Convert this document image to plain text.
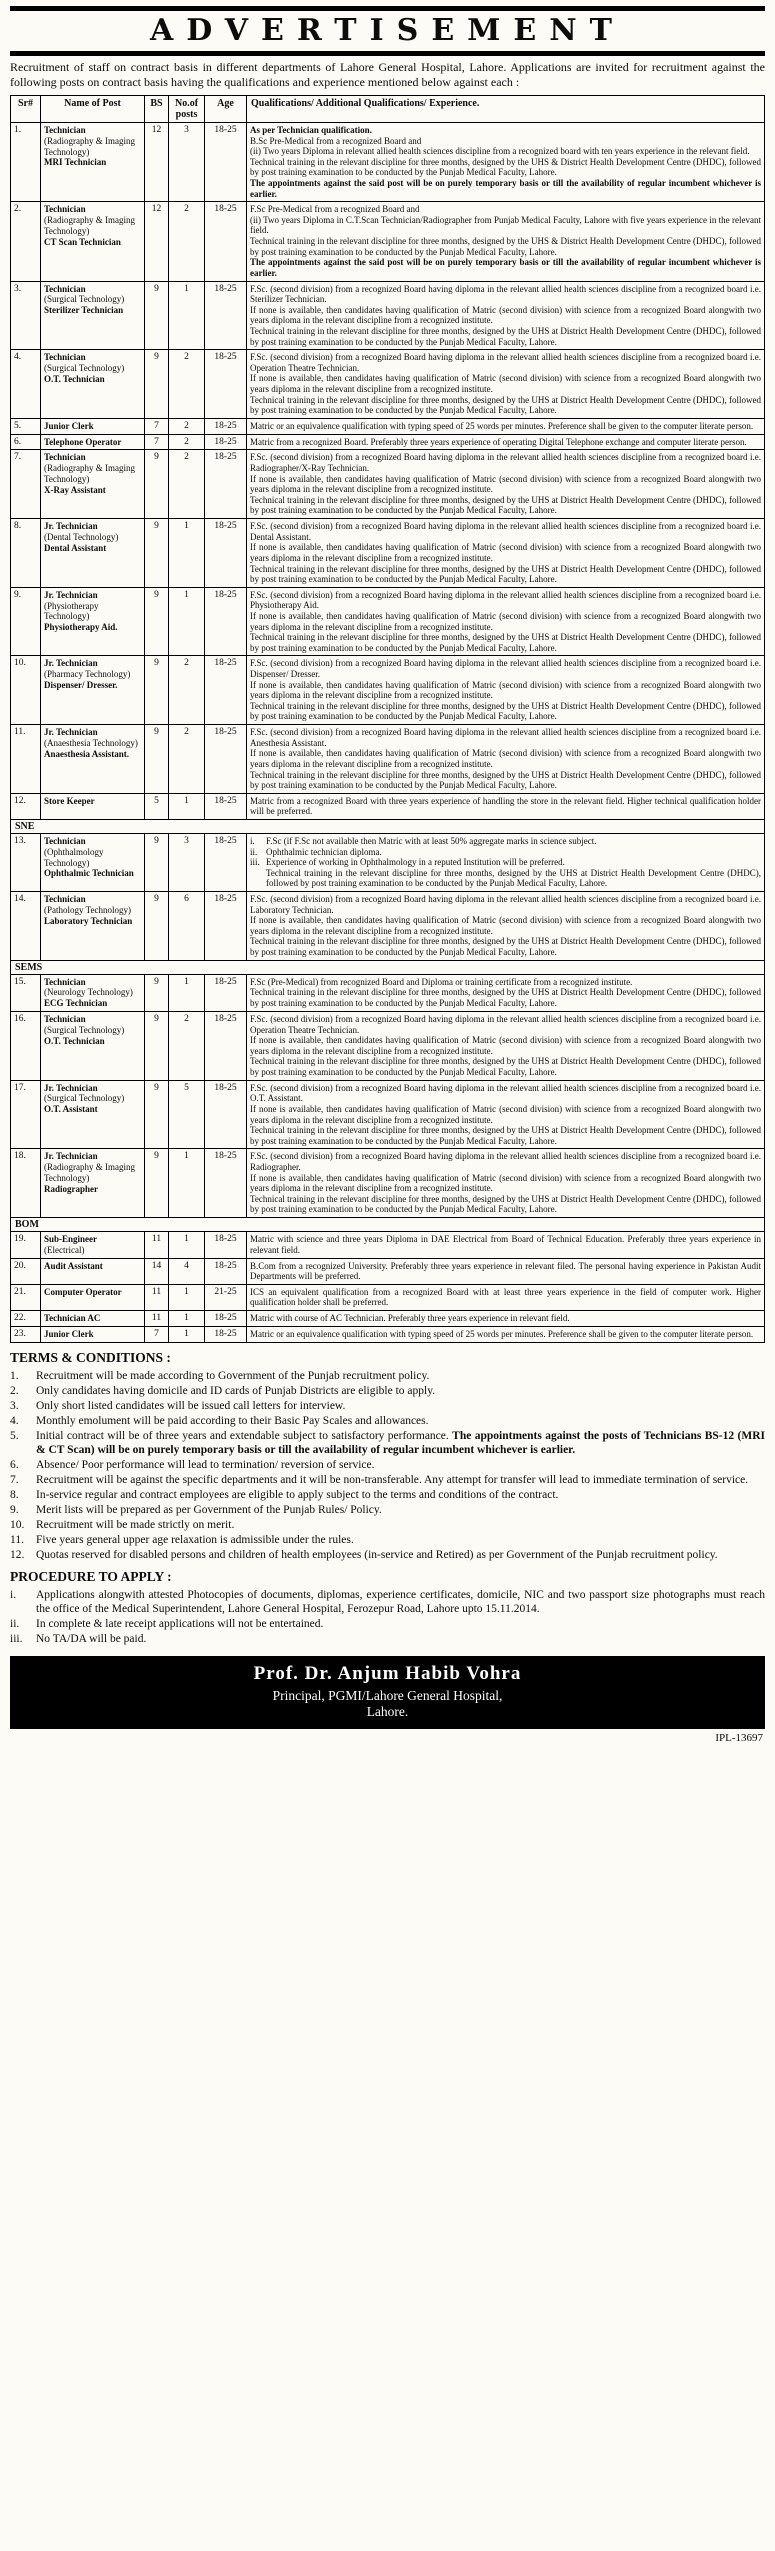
ADVERTISEMENT

Recruitment of staff on contract basis in different departments of Lahore General Hospital, Lahore. Applications are invited for recruitment against the following posts on contract basis having the qualifications and experience mentioned below against each :

Sr#	Name of Post	BS	No.of posts	Age	Qualifications/ Additional Qualifications/ Experience.
1.	Technician
(Radiography & Imaging Technology)
MRI Technician
	12	3	18-25	As per Technician qualification.
B.Sc Pre-Medical from a recognized Board and
(ii) Two years Diploma in relevant allied health sciences discipline from a recognized board with ten years experience in the relevant field.
Technical training in the relevant discipline for three months, designed by the UHS & District Health Development Centre (DHDC), followed by post training examination to be conducted by the Punjab Medical Faculty, Lahore.
The appointments against the said post will be on purely temporary basis or till the availability of regular incumbent whichever is earlier.

2.	Technician
(Radiography & Imaging Technology)
CT Scan Technician
	12	2	18-25	F.Sc Pre-Medical from a recognized Board and
(ii) Two years Diploma in C.T.Scan Technician/Radiographer from Punjab Medical Faculty, Lahore with five years experience in the relevant field.
Technical training in the relevant discipline for three months, designed by the UHS & District Health Development Centre (DHDC), followed by post training examination to be conducted by the Punjab Medical Faculty, Lahore.
The appointments against the said post will be on purely temporary basis or till the availability of regular incumbent whichever is earlier.

3.	Technician
(Surgical Technology)
Sterilizer Technician
	9	1	18-25	F.Sc. (second division) from a recognized Board having diploma in the relevant allied health sciences discipline from a recognized board i.e. Sterilizer Technician.
If none is available, then candidates having qualification of Matric (second division) with science from a recognized Board alongwith two years diploma in the relevant discipline from a recognized institute.
Technical training in the relevant discipline for three months, designed by the UHS at District Health Development Centre (DHDC), followed by post training examination to be conducted by the Punjab Medical Faculty, Lahore.

4.	Technician
(Surgical Technology)
O.T. Technician
	9	2	18-25	F.Sc. (second division) from a recognized Board having diploma in the relevant allied health sciences discipline from a recognized board i.e. Operation Theatre Technician.
If none is available, then candidates having qualification of Matric (second division) with science from a recognized Board alongwith two years diploma in the relevant discipline from a recognized institute.
Technical training in the relevant discipline for three months, designed by the UHS at District Health Development Centre (DHDC), followed by post training examination to be conducted by the Punjab Medical Faculty, Lahore.

5.	Junior Clerk	7	2	18-25	Matric or an equivalence qualification with typing speed of 25 words per minutes. Preference shall be given to the computer literate person.

6.	Telephone Operator	7	2	18-25	Matric from a recognized Board. Preferably three years experience of operating Digital Telephone exchange and computer literate person.

7.	Technician
(Radiography & Imaging Technology)
X-Ray Assistant
	9	2	18-25	F.Sc. (second division) from a recognized Board having diploma in the relevant allied health sciences discipline from a recognized board i.e. Radiographer/X-Ray Technician.
If none is available, then candidates having qualification of Matric (second division) with science from a recognized Board alongwith two years diploma in the relevant discipline from a recognized institute.
Technical training in the relevant discipline for three months, designed by the UHS at District Health Development Centre (DHDC), followed by post training examination to be conducted by the Punjab Medical Faculty, Lahore.

8.	Jr. Technician
(Dental Technology)
Dental Assistant
	9	1	18-25	F.Sc. (second division) from a recognized Board having diploma in the relevant allied health sciences discipline from a recognized board i.e. Dental Assistant.
If none is available, then candidates having qualification of Matric (second division) with science from a recognized Board alongwith two years diploma in the relevant discipline from a recognized institute.
Technical training in the relevant discipline for three months, designed by the UHS at District Health Development Centre (DHDC), followed by post training examination to be conducted by the Punjab Medical Faculty, Lahore.

9.	Jr. Technician
(Physiotherapy Technology)
Physiotherapy Aid.
	9	1	18-25	F.Sc. (second division) from a recognized Board having diploma in the relevant allied health sciences discipline from a recognized board i.e. Physiotherapy Aid.
If none is available, then candidates having qualification of Matric (second division) with science from a recognized Board alongwith two years diploma in the relevant discipline from a recognized institute.
Technical training in the relevant discipline for three months, designed by the UHS at District Health Development Centre (DHDC), followed by post training examination to be conducted by the Punjab Medical Faculty, Lahore.

10.	Jr. Technician
(Pharmacy Technology)
Dispenser/ Dresser.
	9	2	18-25	F.Sc. (second division) from a recognized Board having diploma in the relevant allied health sciences discipline from a recognized board i.e. Dispenser/ Dresser.
If none is available, then candidates having qualification of Matric (second division) with science from a recognized Board alongwith two years diploma in the relevant discipline from a recognized institute.
Technical training in the relevant discipline for three months, designed by the UHS at District Health Development Centre (DHDC), followed by post training examination to be conducted by the Punjab Medical Faculty, Lahore.

11.	Jr. Technician
(Anaesthesia Technology)
Anaesthesia Assistant.
	9	2	18-25	F.Sc. (second division) from a recognized Board having diploma in the relevant allied health sciences discipline from a recognized board i.e. Anesthesia Assistant.
If none is available, then candidates having qualification of Matric (second division) with science from a recognized Board alongwith two years diploma in the relevant discipline from a recognized institute.
Technical training in the relevant discipline for three months, designed by the UHS at District Health Development Centre (DHDC), followed by post training examination to be conducted by the Punjab Medical Faculty, Lahore.

12.	Store Keeper	5	1	18-25	Matric from a recognized Board with three years experience of handling the store in the relevant field. Higher technical qualification holder will be preferred.

SNE					
13.	Technician
(Ophthalmology Technology)
Ophthalmic Technician
	9	3	18-25	i.	F.Sc (if F.Sc not available then Matric with at least 50% aggregate marks in science subject.
ii. Ophthalmic technician diploma.
iii. Experience of working in Ophthalmology in a reputed Institution will be preferred.
Technical training in the relevant discipline for three months, designed by the UHS at District Health Development Centre (DHDC), followed by post training examination to be conducted by the Punjab Medical Faculty, Lahore.

14.	Technician
(Pathology Technology)
Laboratory Technician
	9	6	18-25	F.Sc. (second division) from a recognized Board having diploma in the relevant allied health sciences discipline from a recognized board i.e. Laboratory Technician.
If none is available, then candidates having qualification of Matric (second division) with science from a recognized Board alongwith two years diploma in the relevant discipline from a recognized institute.
Technical training in the relevant discipline for three months, designed by the UHS at District Health Development Centre (DHDC), followed by post training examination to be conducted by the Punjab Medical Faculty, Lahore.

SEMS					
15.	Technician
(Neurology Technology)
ECG Technician
	9	1	18-25	F.Sc (Pre-Medical) from recognized Board and Diploma or training certificate from a recognized institute.
Technical training in the relevant discipline for three months, designed by the UHS at District Health Development Centre (DHDC), followed by post training examination to be conducted by the Punjab Medical Faculty, Lahore.

16.	Technician
(Surgical Technology)
O.T. Technician
	9	2	18-25	F.Sc. (second division) from a recognized Board having diploma in the relevant allied health sciences discipline from a recognized board i.e. Operation Theatre Technician.
If none is available, then candidates having qualification of Matric (second division) with science from a recognized Board alongwith two years diploma in the relevant discipline from a recognized institute.
Technical training in the relevant discipline for three months, designed by the UHS at District Health Development Centre (DHDC), followed by post training examination to be conducted by the Punjab Medical Faculty, Lahore.

17.	Jr. Technician
(Surgical Technology)
O.T. Assistant
	9	5	18-25	F.Sc. (second division) from a recognized Board having diploma in the relevant allied health sciences discipline from a recognized board i.e. O.T. Assistant.
If none is available, then candidates having qualification of Matric (second division) with science from a recognized Board alongwith two years diploma in the relevant discipline from a recognized institute.
Technical training in the relevant discipline for three months, designed by the UHS at District Health Development Centre (DHDC), followed by post training examination to be conducted by the Punjab Medical Faculty, Lahore.

18.	Jr. Technician
(Radiography & Imaging Technology)
Radiographer
	9	1	18-25	F.Sc. (second division) from a recognized Board having diploma in the relevant allied health sciences discipline from a recognized board i.e. Radiographer.
If none is available, then candidates having qualification of Matric (second division) with science from a recognized Board alongwith two years diploma in the relevant discipline from a recognized institute.
Technical training in the relevant discipline for three months, designed by the UHS at District Health Development Centre (DHDC), followed by post training examination to be conducted by the Punjab Medical Faculty, Lahore.

BOM					
19.	Sub-Engineer
(Electrical)	11	1	18-25	Matric with science and three years Diploma in DAE Electrical from Board of Technical Education. Preferably three years experience in relevant field.

20.	Audit Assistant	14	4	18-25	B.Com from a recognized University. Preferably three years experience in relevant filed. The personal having experience in Pakistan Audit Departments will be preferred.

21.	Computer Operator	11	1	21-25	ICS an equivalent qualification from a recognized Board with at least three years experience in the field of computer work. Higher qualification holder shall be preferred.

22.	Technician AC	11	1	18-25	Matric with course of AC Technician. Preferably three years experience in relevant field.

23.	Junior Clerk	7	1	18-25	Matric or an equivalence qualification with typing speed of 25 words per minutes. Preference shall be given to the computer literate person.
TERMS & CONDITIONS :
1.	Recruitment will be made according to Government of the Punjab recruitment policy.
2.	Only candidates having domicile and ID cards of Punjab Districts are eligible to apply.
3.	Only short listed candidates will be issued call letters for interview.
4.	Monthly emolument will be paid according to their Basic Pay Scales and allowances.
5.	Initial contract will be of three years and extendable subject to satisfactory performance. The appointments against the posts of Technicians BS-12 (MRI & CT Scan) will be on purely temporary basis or till the availability of regular incumbent whichever is earlier.
6.	Absence/ Poor performance will lead to termination/ reversion of service.
7.	Recruitment will be against the specific departments and it will be non-transferable. Any attempt for transfer will lead to immediate termination of service.
8.	In-service regular and contract employees are eligible to apply subject to the terms and conditions of the contract.
9.	Merit lists will be prepared as per Government of the Punjab Rules/ Policy.
10.	Recruitment will be made strictly on merit.
11.	Five years general upper age relaxation is admissible under the rules.
12.	Quotas reserved for disabled persons and children of health employees (in-service and Retired) as per Government of the Punjab recruitment policy.
PROCEDURE TO APPLY :
i.	Applications alongwith attested Photocopies of documents, diplomas, experience certificates, domicile, NIC and two passport size photographs must reach the office of the Medical Superintendent, Lahore General Hospital, Ferozepur Road, Lahore upto 15.11.2014.
ii.	In complete & late receipt applications will not be entertained.
iii.	No TA/DA will be paid.
Prof. Dr. Anjum Habib Vohra
Principal, PGMI/Lahore General Hospital,
Lahore.
IPL-13697
